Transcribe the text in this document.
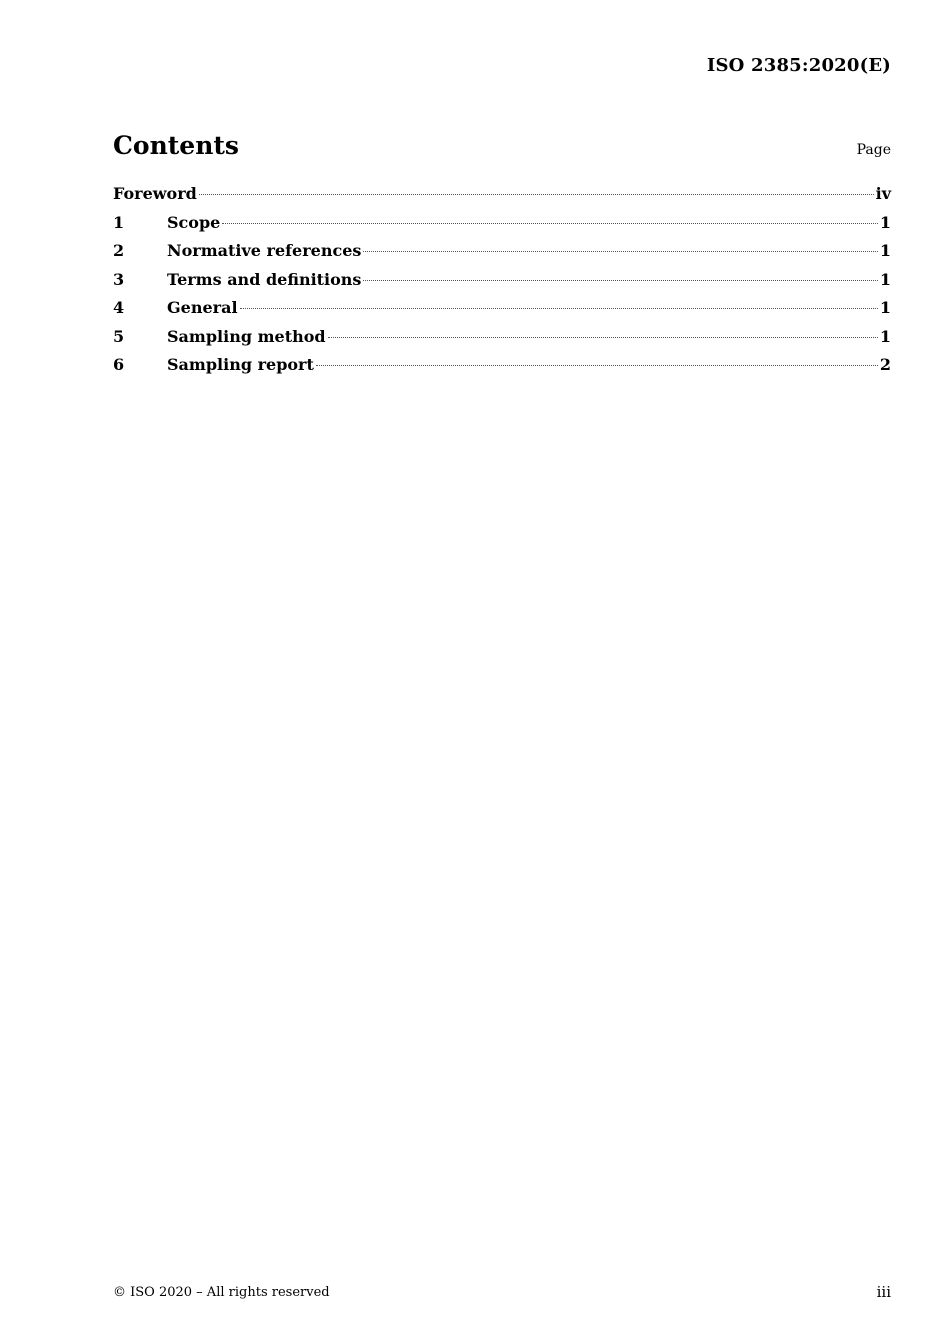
ISO 2385:2020(E)
Contents	Page
Foreword	iv
1	Scope	1
2	Normative references	1
3	Terms and definitions	1
4	General	1
5	Sampling method	1
6	Sampling report	2
© ISO 2020 – All rights reserved	iii
